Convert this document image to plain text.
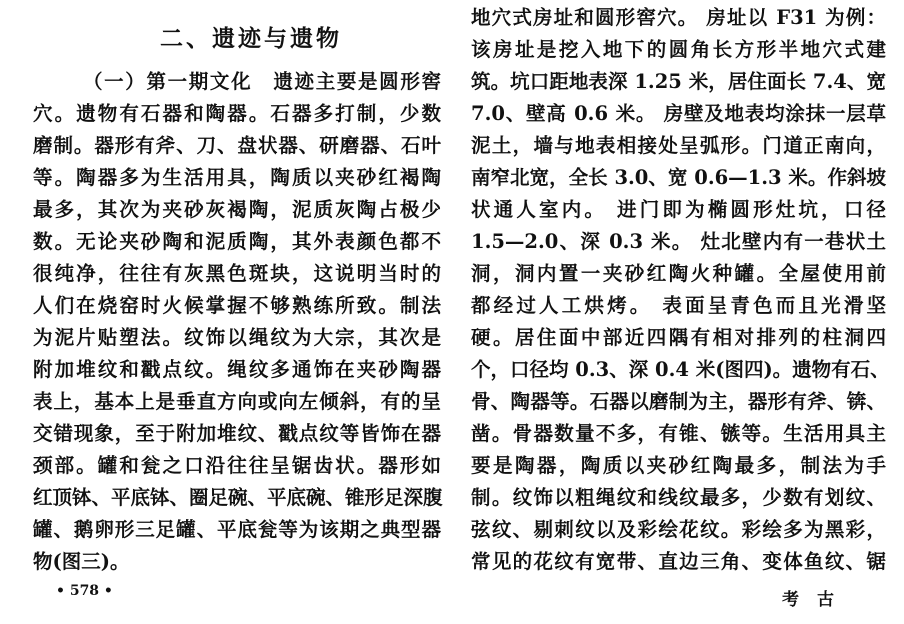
二、遗迹与遗物
（一）第一期文化　遗迹主要是圆形窖
穴。遗物有石器和陶器。石器多打制，少数
磨制。器形有斧、刀、盘状器、研磨器、石叶
等。陶器多为生活用具，陶质以夹砂红褐陶
最多，其次为夹砂灰褐陶，泥质灰陶占极少
数。无论夹砂陶和泥质陶，其外表颜色都不
很纯净，往往有灰黑色斑块，这说明当时的
人们在烧窑时火候掌握不够熟练所致。制法
为泥片贴塑法。纹饰以绳纹为大宗，其次是
附加堆纹和戳点纹。绳纹多通饰在夹砂陶器
表上，基本上是垂直方向或向左倾斜，有的呈
交错现象，至于附加堆纹、戳点纹等皆饰在器
颈部。罐和瓮之口沿往往呈锯齿状。器形如
红顶钵、平底钵、圈足碗、平底碗、锥形足深腹
罐、鹅卵形三足罐、平底瓮等为该期之典型器
物(图三)。
地穴式房址和圆形窖穴。 房址以 F31 为例：
该房址是挖入地下的圆角长方形半地穴式建
筑。坑口距地表深 1.25 米，居住面长 7.4、宽
7.0、壁高 0.6 米。 房壁及地表均涂抹一层草
泥土，墙与地表相接处呈弧形。门道正南向，
南窄北宽，全长 3.0、宽 0.6—1.3 米。作斜坡
状通人室内。 进门即为椭圆形灶坑，口径
1.5—2.0、深 0.3 米。 灶北壁内有一巷状土
洞，洞内置一夹砂红陶火种罐。全屋使用前
都经过人工烘烤。 表面呈青色而且光滑坚
硬。居住面中部近四隅有相对排列的柱洞四
个，口径均 0.3、深 0.4 米(图四)。遗物有石、
骨、陶器等。石器以磨制为主，器形有斧、锛、
凿。骨器数量不多，有锥、镞等。生活用具主
要是陶器，陶质以夹砂红陶最多，制法为手
制。纹饰以粗绳纹和线纹最多，少数有划纹、
弦纹、剔刺纹以及彩绘花纹。彩绘多为黑彩，
常见的花纹有宽带、直边三角、变体鱼纹、锯
• 578 •	考古
